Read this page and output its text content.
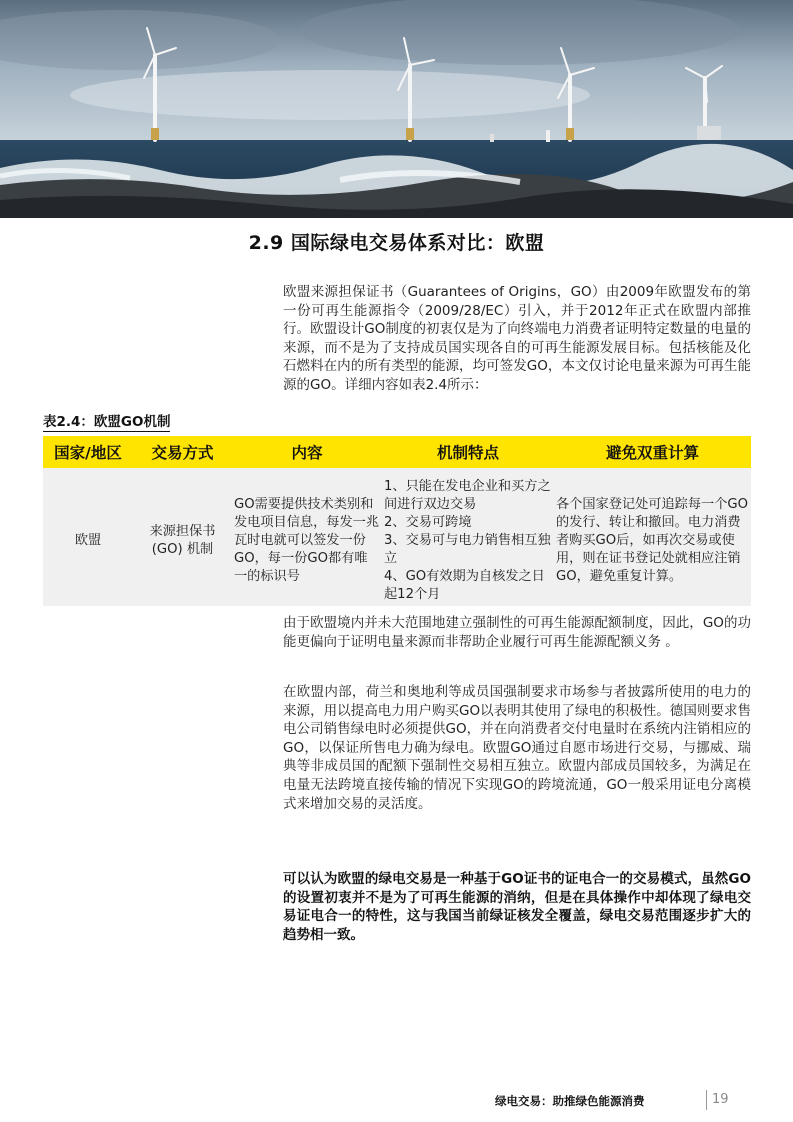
2.9 国际绿电交易体系对比：欧盟
欧盟来源担保证书（Guarantees of Origins，GO）由2009年欧盟发布的第一份可再生能源指令（2009/28/EC）引入，并于2012年正式在欧盟内部推行。欧盟设计GO制度的初衷仅是为了向终端电力消费者证明特定数量的电量的来源，而不是为了支持成员国实现各自的可再生能源发展目标。包括核能及化石燃料在内的所有类型的能源，均可签发GO，本文仅讨论电量来源为可再生能源的GO。详细内容如表2.4所示：
表2.4：欧盟GO机制
国家/地区	交易方式	内容	机制特点	避免双重计算
欧盟	来源担保书(GO) 机制	GO需要提供技术类别和发电项目信息，每发一兆瓦时电就可以签发一份GO，每一份GO都有唯一的标识号	1、只能在发电企业和买方之间进行双边交易
2、交易可跨境
3、交易可与电力销售相互独立
4、GO有效期为自核发之日起12个月	各个国家登记处可追踪每一个GO的发行、转让和撤回。电力消费者购买GO后，如再次交易或使用，则在证书登记处就相应注销GO，避免重复计算。
由于欧盟境内并未大范围地建立强制性的可再生能源配额制度，因此，GO的功能更偏向于证明电量来源而非帮助企业履行可再生能源配额义务 。
在欧盟内部，荷兰和奥地利等成员国强制要求市场参与者披露所使用的电力的来源，用以提高电力用户购买GO以表明其使用了绿电的积极性。德国则要求售电公司销售绿电时必须提供GO，并在向消费者交付电量时在系统内注销相应的GO，以保证所售电力确为绿电。欧盟GO通过自愿市场进行交易，与挪威、瑞典等非成员国的配额下强制性交易相互独立。欧盟内部成员国较多，为满足在电量无法跨境直接传输的情况下实现GO的跨境流通，GO一般采用证电分离模式来增加交易的灵活度。
可以认为欧盟的绿电交易是一种基于GO证书的证电合一的交易模式，虽然GO的设置初衷并不是为了可再生能源的消纳，但是在具体操作中却体现了绿电交易证电合一的特性，这与我国当前绿证核发全覆盖，绿电交易范围逐步扩大的趋势相一致。
绿电交易：助推绿色能源消费	19
